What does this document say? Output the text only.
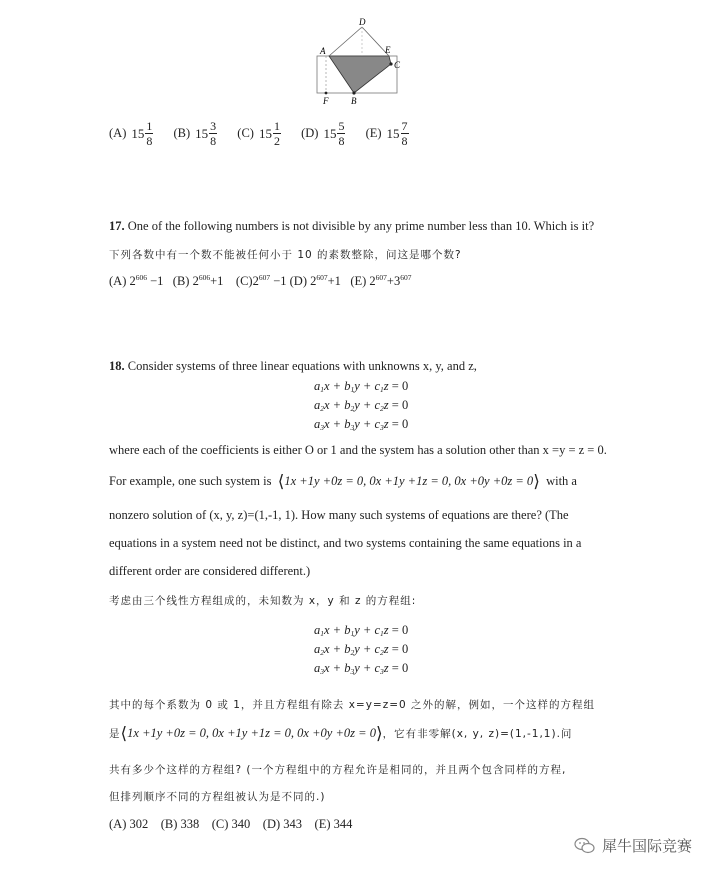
D
A	E
C
F	B
(A) $15 \frac{1}{8} (B)$ $15 \frac{3}{8} (C)$ $15 \frac{1}{2} (D)$ $15 \frac{5}{8} (E)$ $15 \frac{7}{8}$
17. One of the following numbers is not divisible by any prime number less than 10. Which is it?
下列各数中有一个数不能被任何小于 10 的素数整除，问这是哪个数?
(A) $2^{606} -1$ (B) $2^{606}+1$ $(C)2^{607} -1$ (D) $2^{607}+1$ (E) $2^{607}+3^{607}$
18. Consider systems of three linear equations with unknowns x, y, and z,
$a_1x + b_1y + c_1z = 0$
$a_2x + b_2y + c_2z = 0$
$a_3x + b_3y + c_3z = 0$
where each of the coefficients is either O or 1 and the system has a solution other than x =y = z = 0.
For example, one such system is ⟨1x +1y +0z = 0, 0x +1y +1z = 0, 0x +0y +0z = 0⟩ with a
nonzero solution of (x, y, z)=(1,-1, 1). How many such systems of equations are there? (The
equations in a system need not be distinct, and two systems containing the same equations in a
different order are considered different.)
考虑由三个线性方程组成的，未知数为 x，y 和 z 的方程组:
$a_1x + b_1y + c_1z = 0$
$a_2x + b_2y + c_2z = 0$
$a_3x + b_3y + c_3z = 0$
其中的每个系数为 0 或 1，并且方程组有除去 x=y=z=0 之外的解，例如，一个这样的方程组
是⟨1x +1y +0z = 0, 0x +1y +1z = 0, 0x +0y +0z = 0⟩，它有非零解(x, y, z)=(1,-1,1).问
共有多少个这样的方程组? (一个方程组中的方程允许是相同的，并且两个包含同样的方程,
但排列顺序不同的方程组被认为是不同的.)
(A) 302    (B) 338    (C) 340    (D) 343    (E) 344
犀牛国际竞赛
